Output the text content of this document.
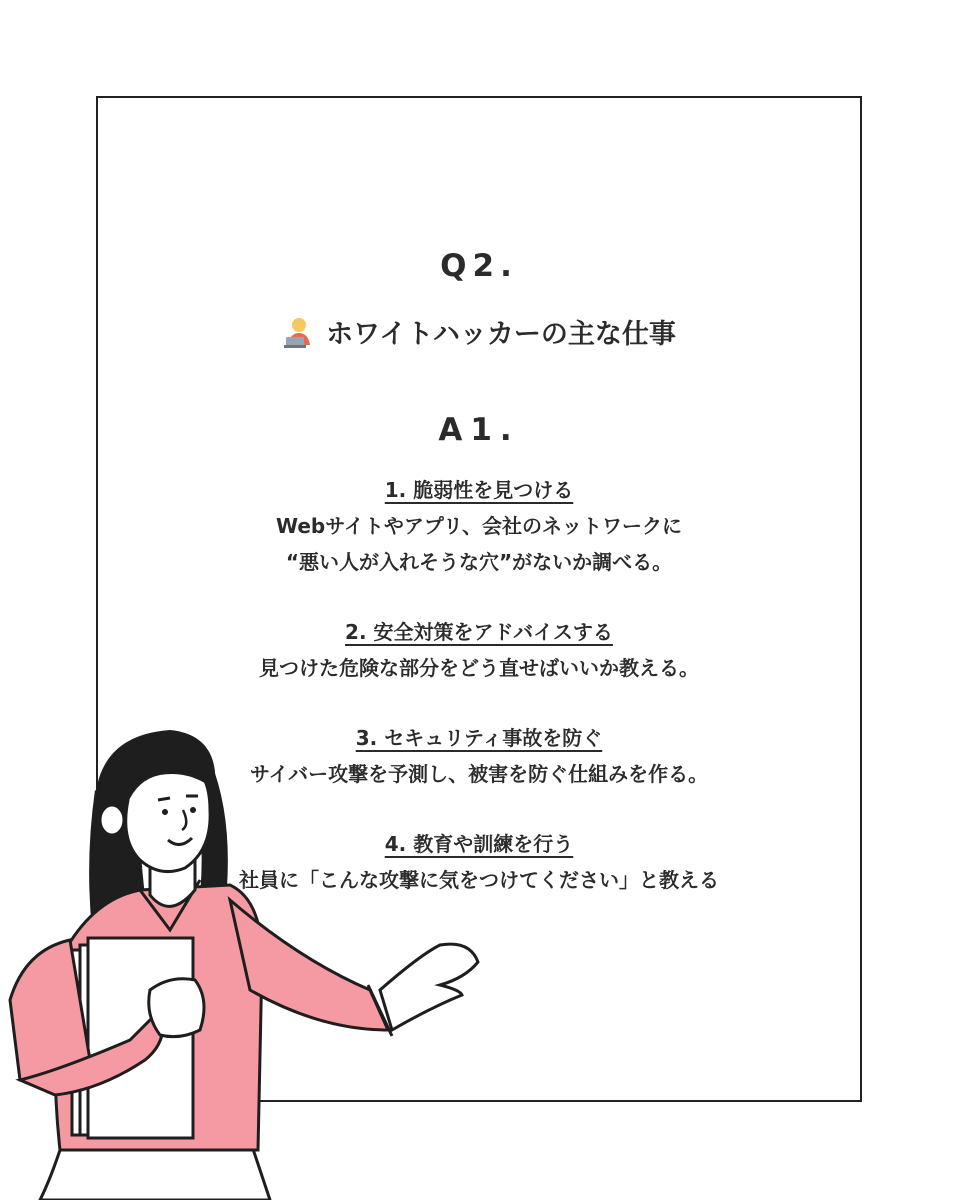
Q2.
ホワイトハッカーの主な仕事
A1.
1. 脆弱性を見つける
Webサイトやアプリ、会社のネットワークに
“悪い人が入れそうな穴”がないか調べる。
2. 安全対策をアドバイスする
見つけた危険な部分をどう直せばいいか教える。
3. セキュリティ事故を防ぐ
サイバー攻撃を予測し、被害を防ぐ仕組みを作る。
4. 教育や訓練を行う
社員に「こんな攻撃に気をつけてください」と教える
